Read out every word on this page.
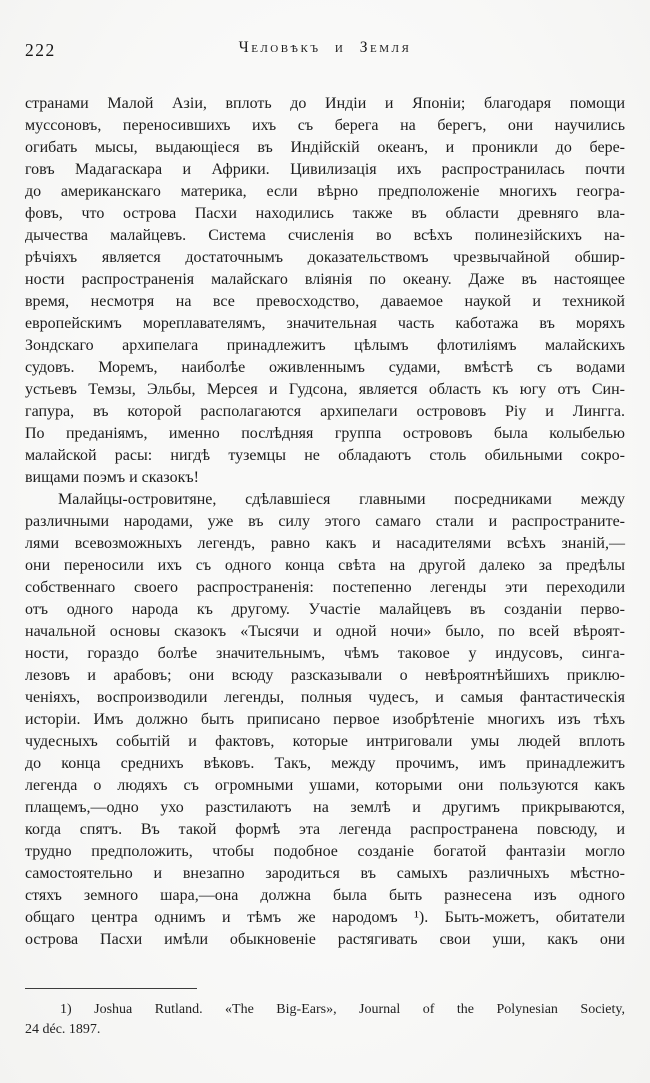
222	Человѣкъ и Земля
странами Малой Азіи, вплоть до Индіи и Японіи; благодаря помощи
муссоновъ, переносившихъ ихъ съ берега на берегъ, они научились
огибать мысы, выдающіеся въ Индійскій океанъ, и проникли до бере-
говъ Мадагаскара и Африки. Цивилизація ихъ распространилась почти
до американскаго материка, если вѣрно предположеніе многихъ геогра-
фовъ, что острова Пасхи находились также въ области древняго вла-
дычества малайцевъ. Система счисленія во всѣхъ полинезійскихъ на-
рѣчіяхъ является достаточнымъ доказательствомъ чрезвычайной обшир-
ности распространенія малайскаго вліянія по океану. Даже въ настоящее
время, несмотря на все превосходство, даваемое наукой и техникой
европейскимъ мореплавателямъ, значительная часть каботажа въ моряхъ
Зондскаго архипелага принадлежитъ цѣлымъ флотиліямъ малайскихъ
судовъ. Моремъ, наиболѣе оживленнымъ судами, вмѣстѣ съ водами
устьевъ Темзы, Эльбы, Мерсея и Гудсона, является область къ югу отъ Син-
гапура, въ которой располагаются архипелаги острововъ Ріу и Лингга.
По преданіямъ, именно послѣдняя группа острововъ была колыбелью
малайской расы: нигдѣ туземцы не обладаютъ столь обильными сокро-
вищами поэмъ и сказокъ!
Малайцы-островитяне, сдѣлавшіеся главными посредниками между
различными народами, уже въ силу этого самаго стали и распространите-
лями всевозможныхъ легендъ, равно какъ и насадителями всѣхъ знаній,—
они переносили ихъ съ одного конца свѣта на другой далеко за предѣлы
собственнаго своего распространенія: постепенно легенды эти переходили
отъ одного народа къ другому. Участіе малайцевъ въ созданіи перво-
начальной основы сказокъ «Тысячи и одной ночи» было, по всей вѣроят-
ности, гораздо болѣе значительнымъ, чѣмъ таковое у индусовъ, синга-
лезовъ и арабовъ; они всюду разсказывали о невѣроятнѣйшихъ приклю-
ченіяхъ, воспроизводили легенды, полныя чудесъ, и самыя фантастическія
исторіи. Имъ должно быть приписано первое изобрѣтеніе многихъ изъ тѣхъ
чудесныхъ событій и фактовъ, которые интриговали умы людей вплоть
до конца среднихъ вѣковъ. Такъ, между прочимъ, имъ принадлежитъ
легенда о людяхъ съ огромными ушами, которыми они пользуются какъ
плащемъ,—одно ухо разстилаютъ на землѣ и другимъ прикрываются,
когда спятъ. Въ такой формѣ эта легенда распространена повсюду, и
трудно предположить, чтобы подобное созданіе богатой фантазіи могло
самостоятельно и внезапно зародиться въ самыхъ различныхъ мѣстно-
стяхъ земного шара,—она должна была быть разнесена изъ одного
общаго центра однимъ и тѣмъ же народомъ ¹). Быть-можетъ, обитатели
острова Пасхи имѣли обыкновеніе растягивать свои уши, какъ они
1) Joshua Rutland. «The Big-Ears», Journal of the Polynesian Society,
24 déc. 1897.
